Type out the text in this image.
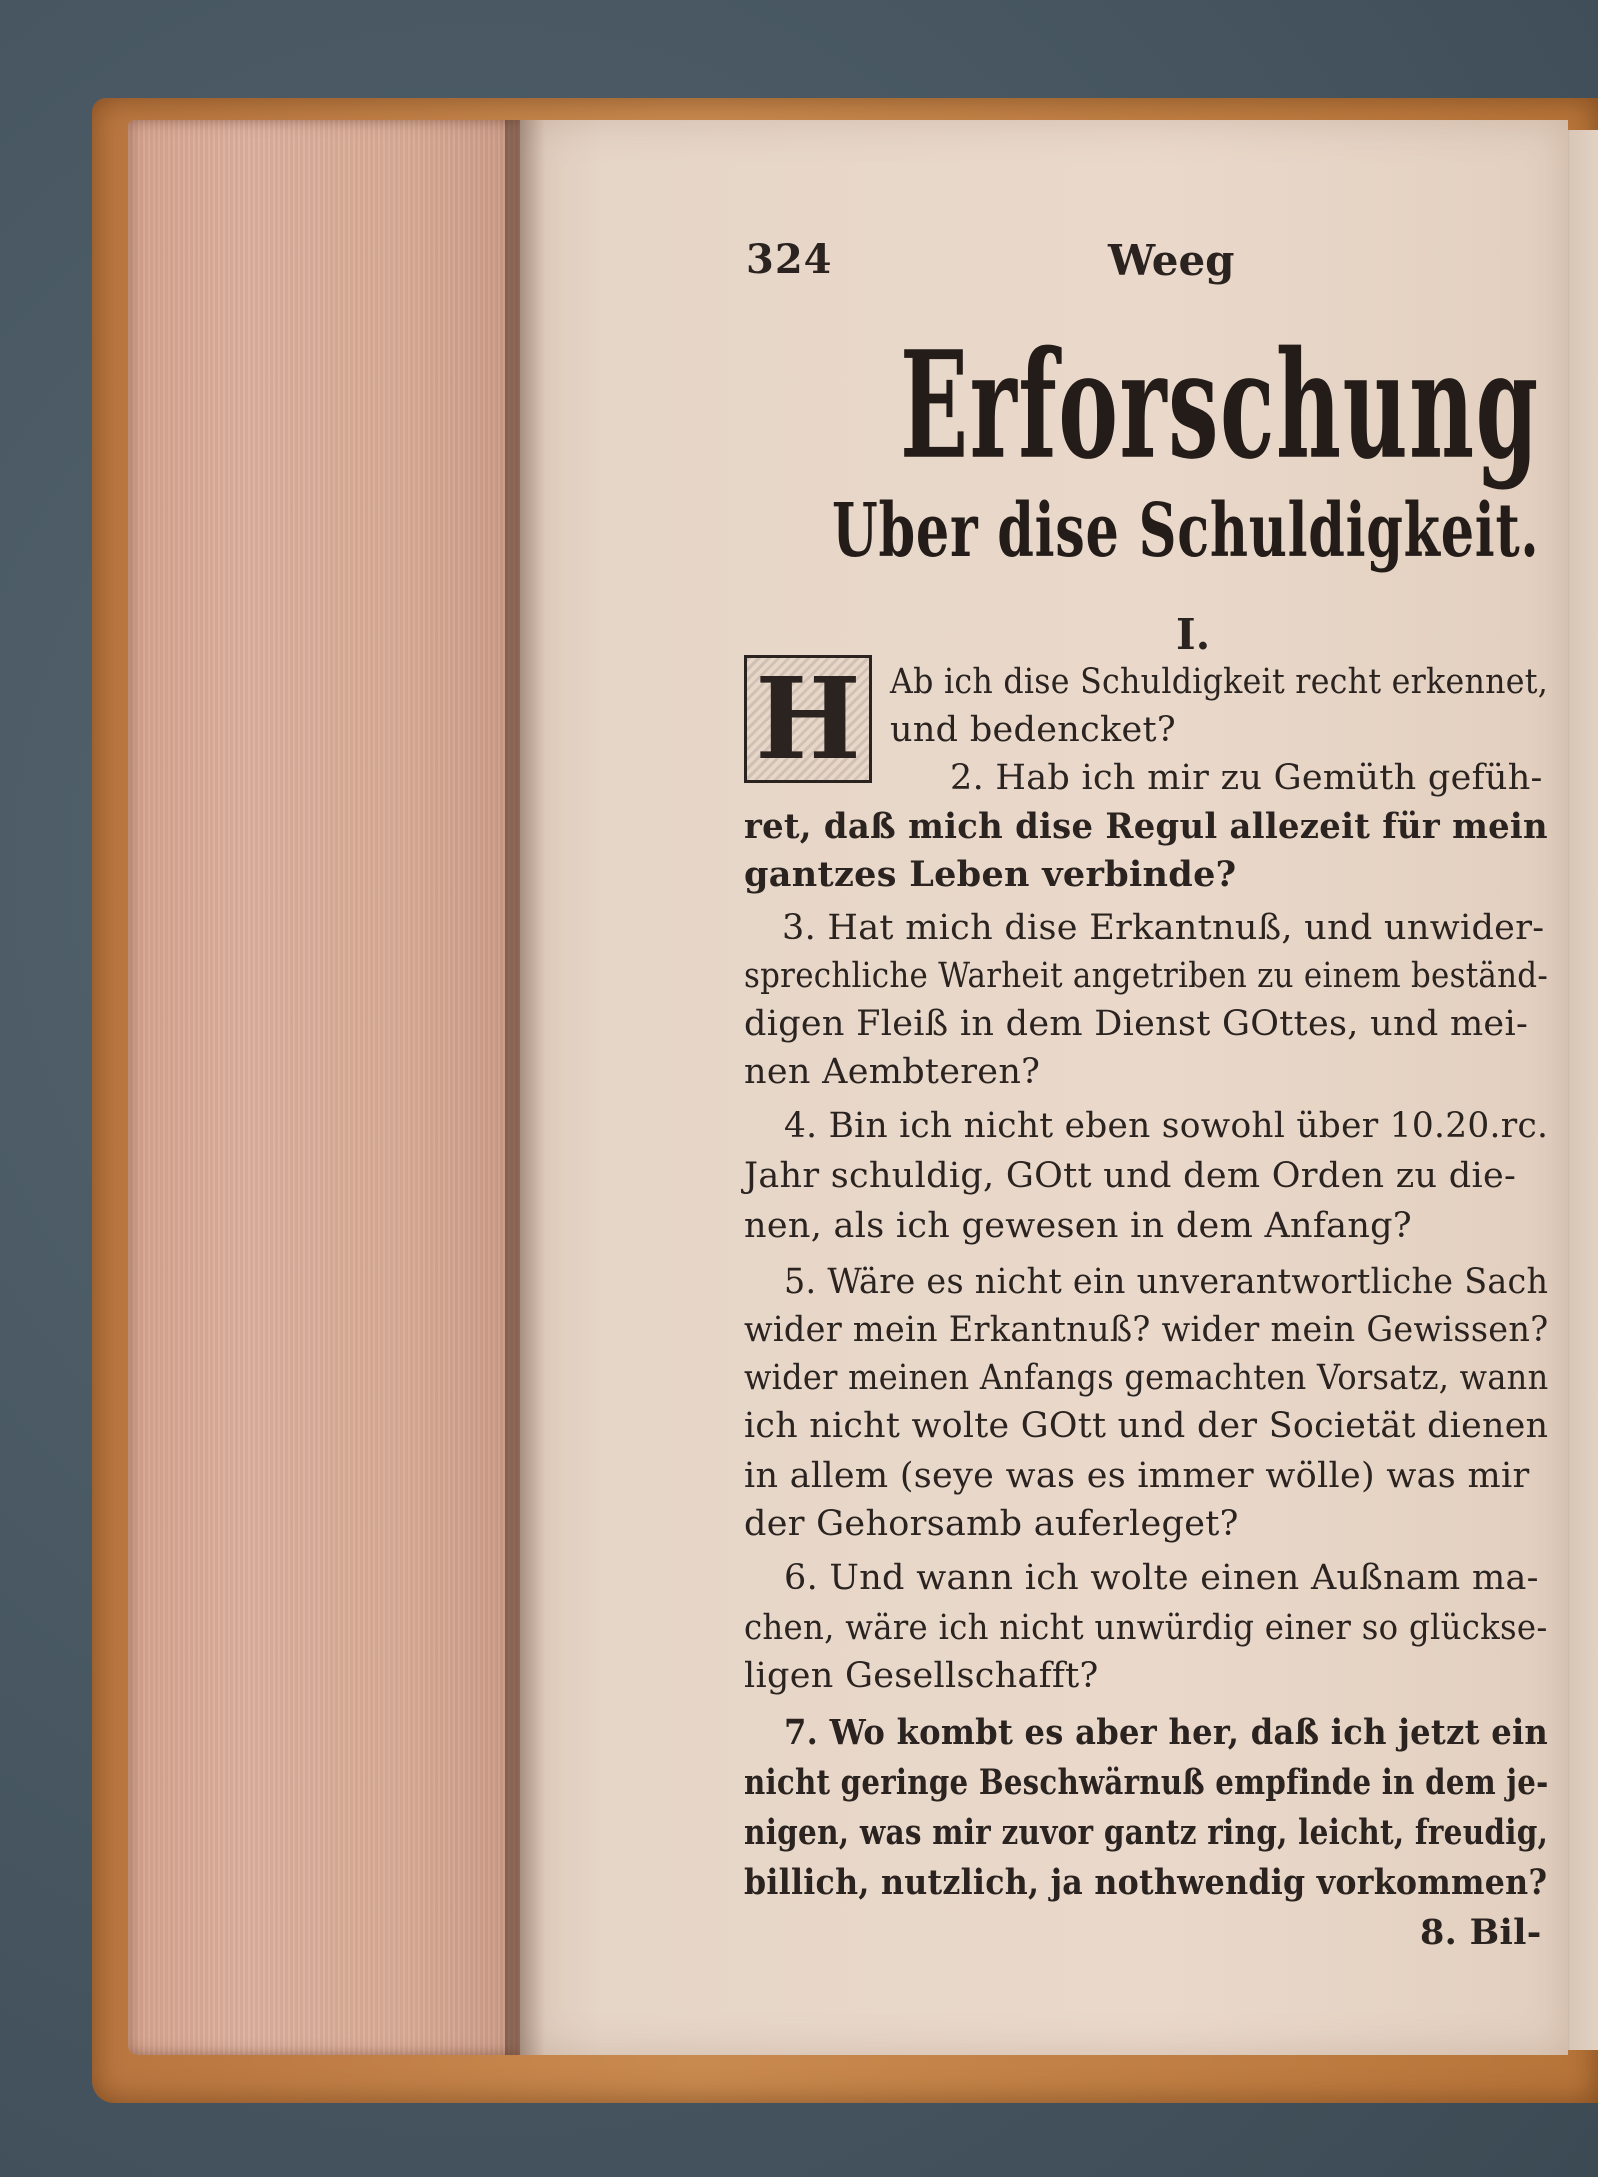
324	Weeg
Erforschung
Uber dise Schuldigkeit.
I.
H Ab ich dise Schuldigkeit recht erkennet,
und bedencket?
2. Hab ich mir zu Gemüth gefüh-
ret, daß mich dise Regul allezeit für mein
gantzes Leben verbinde?
3. Hat mich dise Erkantnuß, und unwider-
sprechliche Warheit angetriben zu einem beständ-
digen Fleiß in dem Dienst GOttes, und mei-
nen Aembteren?
4. Bin ich nicht eben sowohl über 10.20.rc.
Jahr schuldig, GOtt und dem Orden zu die-
nen, als ich gewesen in dem Anfang?
5. Wäre es nicht ein unverantwortliche Sach
wider mein Erkantnuß? wider mein Gewissen?
wider meinen Anfangs gemachten Vorsatz, wann
ich nicht wolte GOtt und der Societät dienen
in allem (seye was es immer wölle) was mir
der Gehorsamb auferleget?
6. Und wann ich wolte einen Außnam ma-
chen, wäre ich nicht unwürdig einer so glückse-
ligen Gesellschafft?
7. Wo kombt es aber her, daß ich jetzt ein
nicht geringe Beschwärnuß empfinde in dem je-
nigen, was mir zuvor gantz ring, leicht, freudig,
billich, nutzlich, ja nothwendig vorkommen?
8. Bil-
